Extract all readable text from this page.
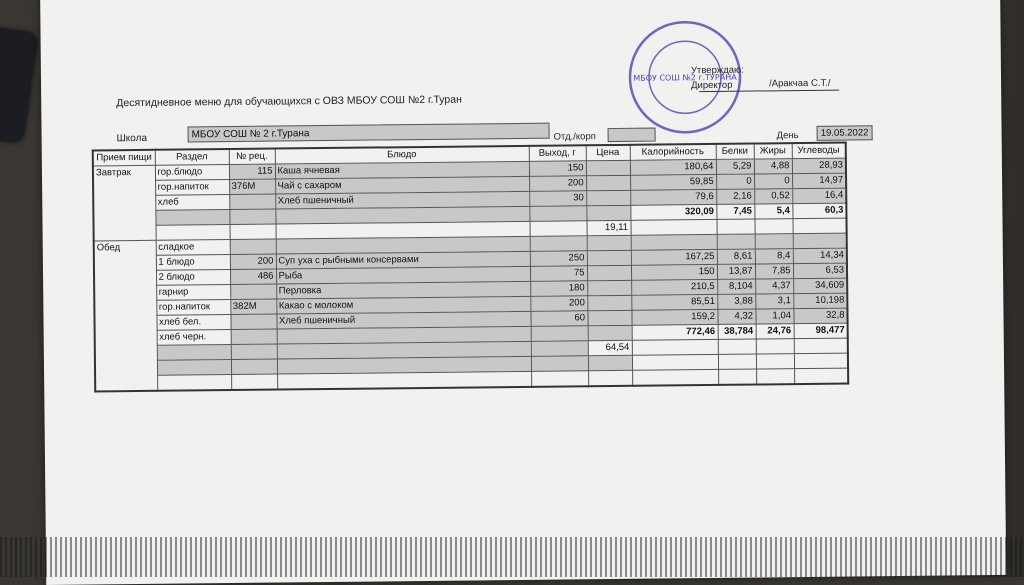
Десятидневное меню для обучающихся с ОВЗ МБОУ СОШ №2 г.Туран
МБОУ СОШ №2 г.ТУРАНА
Утверждаю:
Директор	/Аракчаа С.Т./
Школа	МБОУ СОШ № 2 г.Турана	Отд./корп	День	19.05.2022
Прием пищи	Раздел	№ рец.	Блюдо	Выход, г	Цена	Калорийность	Белки	Жиры	Углеводы
Завтрак	гор.блюдо	115	Каша ячневая	150		180,64	5,29	4,88	28,93
	гор.напиток	376М	Чай с сахаром	200		59,85	0	0	14,97
	хлеб		Хлеб пшеничный	30		79,6	2,16	0,52	16,4
						320,09	7,45	5,4	60,3
					19,11				
Обед	сладкое								
	1 блюдо	200	Суп уха с рыбными консервами	250		167,25	8,61	8,4	14,34
	2 блюдо	486	Рыба	75		150	13,87	7,85	6,53
	гарнир		Перловка	180		210,5	8,104	4,37	34,609
	гор.напиток	382М	Какао с молоком	200		85,51	3,88	3,1	10,198
	хлеб бел.		Хлеб пшеничный	60		159,2	4,32	1,04	32,8
	хлеб черн.					772,46	38,784	24,76	98,477
					64,54				
